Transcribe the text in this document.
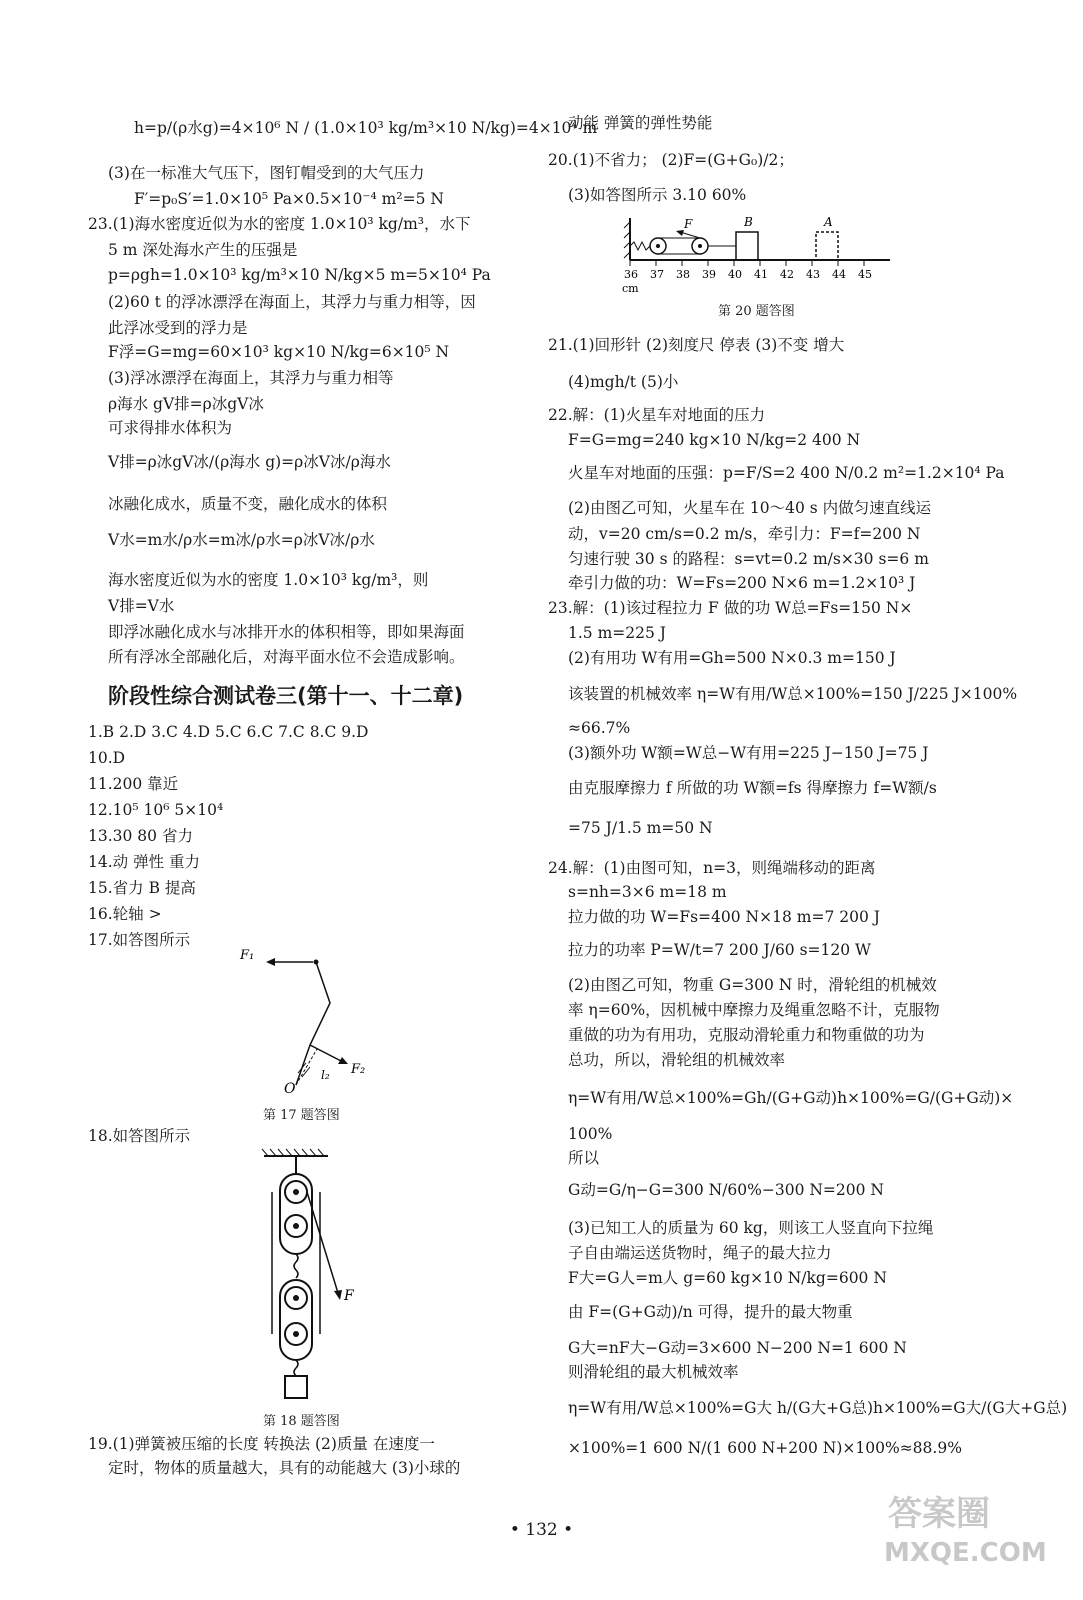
h=p/(ρ水g)=4×10⁶ N / (1.0×10³ kg/m³×10 N/kg)=4×10⁴ m
(3)在一标准大气压下，图钉帽受到的大气压力
F′=p₀S′=1.0×10⁵ Pa×0.5×10⁻⁴ m²=5 N
23.(1)海水密度近似为水的密度 1.0×10³ kg/m³，水下
5 m 深处海水产生的压强是
p=ρgh=1.0×10³ kg/m³×10 N/kg×5 m=5×10⁴ Pa
(2)60 t 的浮冰漂浮在海面上，其浮力与重力相等，因
此浮冰受到的浮力是
F浮=G=mg=60×10³ kg×10 N/kg=6×10⁵ N
(3)浮冰漂浮在海面上，其浮力与重力相等
ρ海水 gV排=ρ冰gV冰
可求得排水体积为
V排=ρ冰gV冰/(ρ海水 g)=ρ冰V冰/ρ海水
冰融化成水，质量不变，融化成水的体积
V水=m水/ρ水=m冰/ρ水=ρ冰V冰/ρ水
海水密度近似为水的密度 1.0×10³ kg/m³，则
V排=V水
即浮冰融化成水与冰排开水的体积相等，即如果海面
所有浮冰全部融化后，对海平面水位不会造成影响。
阶段性综合测试卷三(第十一、十二章)
1.B 2.D 3.C 4.D 5.C 6.C 7.C 8.C 9.D
10.D
11.200 靠近
12.10⁵ 10⁶ 5×10⁴
13.30 80 省力
14.动 弹性 重力
15.省力 B 提高
16.轮轴 >
17.如答图所示
F₁
F₂
l₂
O
第 17 题答图
18.如答图所示
F
第 18 题答图
19.(1)弹簧被压缩的长度 转换法 (2)质量 在速度一
定时，物体的质量越大，具有的动能越大 (3)小球的
动能 弹簧的弹性势能
20.(1)不省力； (2)F=(G+G₀)/2；
(3)如答图所示 3.10 60%
F	B	A
36 37 38 39 40 41 42 43 44 45
cm
第 20 题答图
21.(1)回形针 (2)刻度尺 停表 (3)不变 增大
(4)mgh/t (5)小
22.解：(1)火星车对地面的压力
F=G=mg=240 kg×10 N/kg=2 400 N
火星车对地面的压强：p=F/S=2 400 N/0.2 m²=1.2×10⁴ Pa
(2)由图乙可知，火星车在 10～40 s 内做匀速直线运
动，v=20 cm/s=0.2 m/s，牵引力：F=f=200 N
匀速行驶 30 s 的路程：s=vt=0.2 m/s×30 s=6 m
牵引力做的功：W=Fs=200 N×6 m=1.2×10³ J
23.解：(1)该过程拉力 F 做的功 W总=Fs=150 N×
1.5 m=225 J
(2)有用功 W有用=Gh=500 N×0.3 m=150 J
该装置的机械效率 η=W有用/W总×100%=150 J/225 J×100%
≈66.7%
(3)额外功 W额=W总−W有用=225 J−150 J=75 J
由克服摩擦力 f 所做的功 W额=fs 得摩擦力 f=W额/s
=75 J/1.5 m=50 N
24.解：(1)由图可知，n=3，则绳端移动的距离
s=nh=3×6 m=18 m
拉力做的功 W=Fs=400 N×18 m=7 200 J
拉力的功率 P=W/t=7 200 J/60 s=120 W
(2)由图乙可知，物重 G=300 N 时，滑轮组的机械效
率 η=60%，因机械中摩擦力及绳重忽略不计，克服物
重做的功为有用功，克服动滑轮重力和物重做的功为
总功，所以，滑轮组的机械效率
η=W有用/W总×100%=Gh/(G+G动)h×100%=G/(G+G动)×
100%
所以
G动=G/η−G=300 N/60%−300 N=200 N
(3)已知工人的质量为 60 kg，则该工人竖直向下拉绳
子自由端运送货物时，绳子的最大拉力
F大=G人=m人 g=60 kg×10 N/kg=600 N
由 F=(G+G动)/n 可得，提升的最大物重
G大=nF大−G动=3×600 N−200 N=1 600 N
则滑轮组的最大机械效率
η=W有用/W总×100%=G大 h/(G大+G总)h×100%=G大/(G大+G总)
×100%=1 600 N/(1 600 N+200 N)×100%≈88.9%
• 132 •	答案圈
MXQE.COM
